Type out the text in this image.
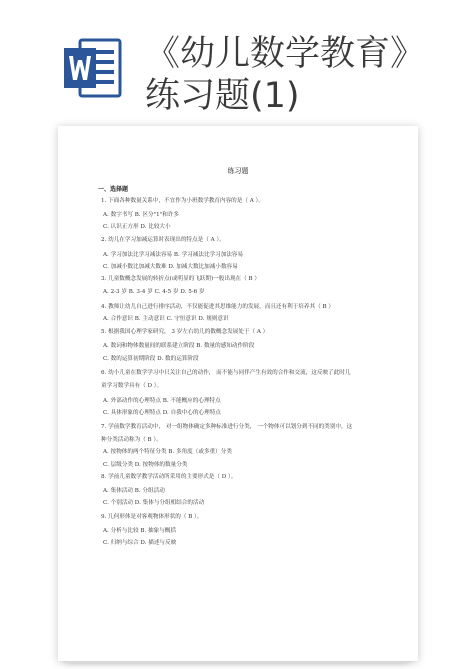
《幼儿数学教育》
练习题(1)
练习题
一、选择题
1. 下面各种数量关系中，不宜作为小班数学教育内容的是（ A ）。
A. 数字书写 B. 区分"1"和许多
C. 认识正方形 D. 比较大小
2. 幼儿在学习加减运算时表现出的特点是（ A ）。
A. 学习加法比学习减法容易 B. 学习减法比学习加法容易
C. 加减小数比加减大数难 D. 加减大数比加减小数容易
3. 儿童数概念发展的转折点(或明显的飞跃期)一般出现在（ B ）
A. 2-3 岁 B. 3-4 岁 C. 4-5 岁 D. 5-6 岁
4. 教师让幼儿自己进行排序活动，不仅能促进其思维能力的发展，而且还有利于培养其（ B ）
A. 合作意识 B. 主动意识 C. 守恒意识 D. 规则意识
5. 根据我国心理学家研究， 3 岁左右幼儿的数概念发展处于（ A ）
A. 数词和物体数量间的联系建立阶段 B. 数量的感知动作阶段
C. 数的运算初期阶段 D. 数的运算阶段
6. 幼小儿童在数学学习中只关注自己的动作， 而不能与同伴产生有效的合作和交流，这反映了此时儿
童学习数学具有（ D ）。
A. 外部动作的心理特点 B. 不能概应的心理特点
C. 具体形象的心理特点 D. 自我中心的心理特点
7. 学前数学教育活动中， 对一组物体确定多种标准进行分类， 一个物体可以划分到不同的类别中，这
种分类活动称为（ B ）。
A. 按物体的两个特征分类 B. 多角度（或多重）分类
C. 层级分类 D. 按物体的数量分类
8. 学前儿童数学教学活动所采用的主要形式是（ D ）。
A. 集体活动 B. 分组活动
C. 个别活动 D. 集体与分组相结合的活动
9. 几何形体是对客观物体形状的（ B ）。
A. 分析与比较 B. 抽象与概括
C. 归纳与综合 D. 描述与反映
